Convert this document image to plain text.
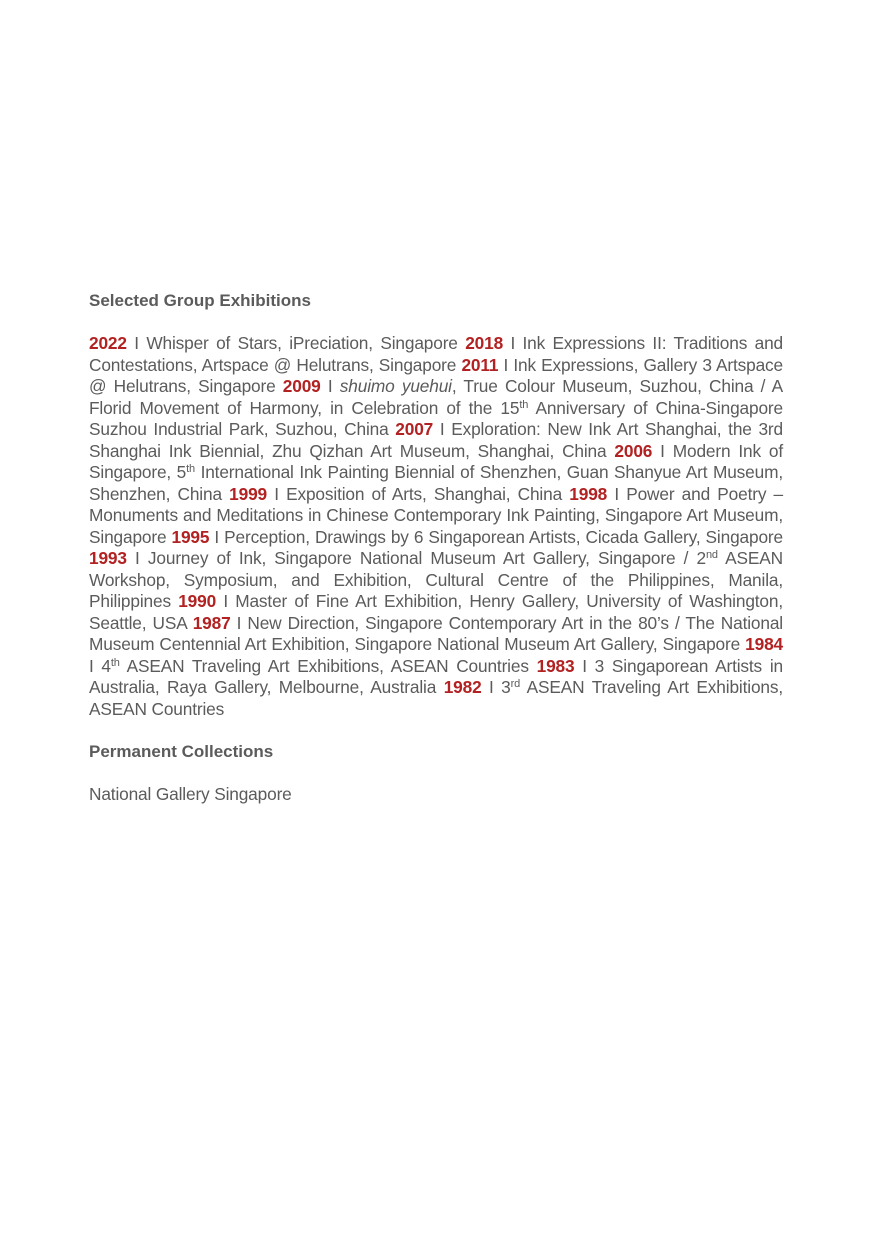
Selected Group Exhibitions

2022 I Whisper of Stars, iPreciation, Singapore 2018 I Ink Expressions II: Traditions and Contestations, Artspace @ Helutrans, Singapore 2011 I Ink Expressions, Gallery 3 Artspace @ Helutrans, Singapore 2009 I shuimo yuehui, True Colour Museum, Suzhou, China / A Florid Movement of Harmony, in Celebration of the 15th Anniversary of China-Singapore Suzhou Industrial Park, Suzhou, China 2007 I Exploration: New Ink Art Shanghai, the 3rd Shanghai Ink Biennial, Zhu Qizhan Art Museum, Shanghai, China 2006 I Modern Ink of Singapore, 5th International Ink Painting Biennial of Shenzhen, Guan Shanyue Art Museum, Shenzhen, China 1999 I Exposition of Arts, Shanghai, China 1998 I Power and Poetry – Monuments and Meditations in Chinese Contemporary Ink Painting, Singapore Art Museum, Singapore 1995 I Perception, Drawings by 6 Singaporean Artists, Cicada Gallery, Singapore 1993 I Journey of Ink, Singapore National Museum Art Gallery, Singapore / 2nd ASEAN Workshop, Symposium, and Exhibition, Cultural Centre of the Philippines, Manila, Philippines 1990 I Master of Fine Art Exhibition, Henry Gallery, University of Washington, Seattle, USA 1987 I New Direction, Singapore Contemporary Art in the 80’s / The National Museum Centennial Art Exhibition, Singapore National Museum Art Gallery, Singapore 1984 I 4th ASEAN Traveling Art Exhibitions, ASEAN Countries 1983 I 3 Singaporean Artists in Australia, Raya Gallery, Melbourne, Australia 1982 I 3rd ASEAN Traveling Art Exhibitions, ASEAN Countries

Permanent Collections

National Gallery Singapore
